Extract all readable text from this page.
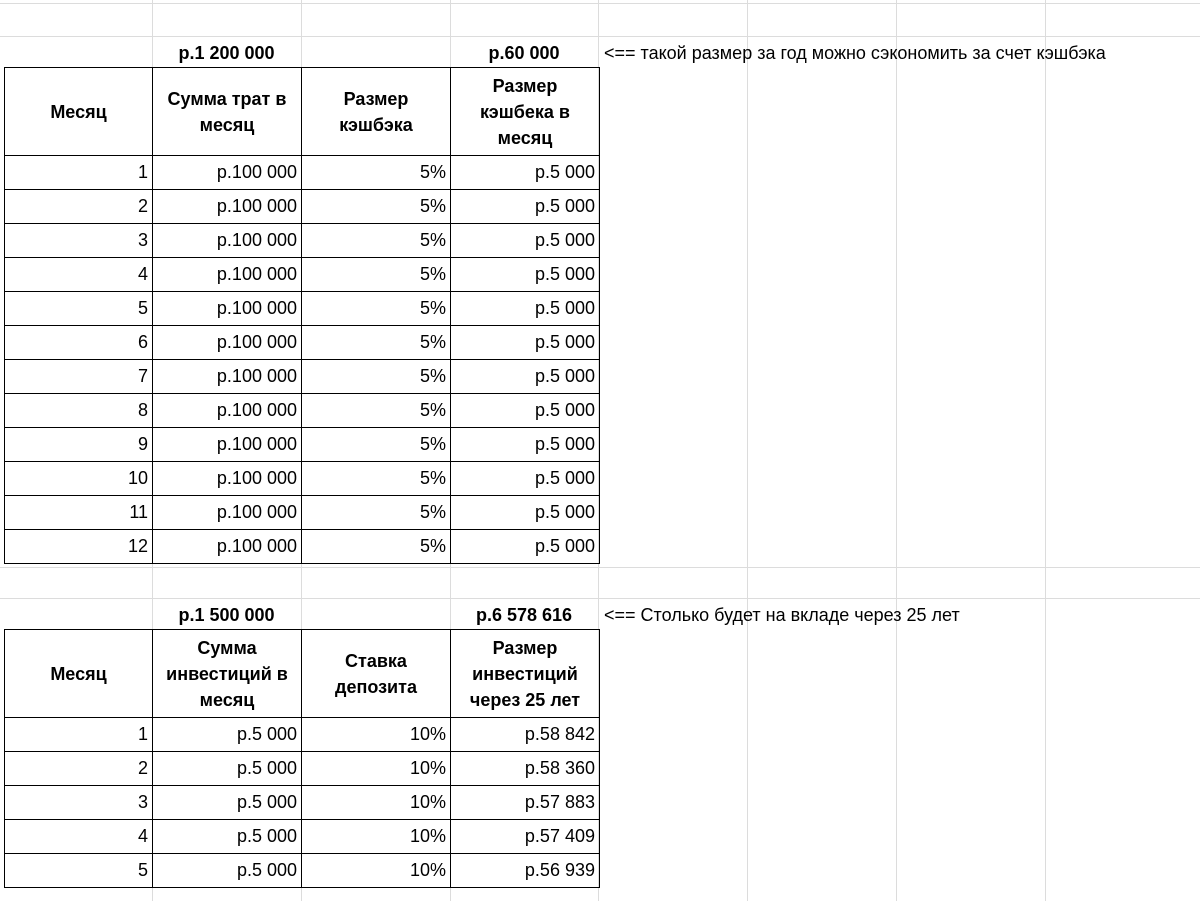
р.1 200 000	р.60 000	<== такой размер за год можно сэкономить за счет кэшбэка
Месяц	Сумма трат в месяц	Размер кэшбэка	Размер кэшбека в месяц
1	р.100 000	5%	р.5 000
2	р.100 000	5%	р.5 000
3	р.100 000	5%	р.5 000
4	р.100 000	5%	р.5 000
5	р.100 000	5%	р.5 000
6	р.100 000	5%	р.5 000
7	р.100 000	5%	р.5 000
8	р.100 000	5%	р.5 000
9	р.100 000	5%	р.5 000
10	р.100 000	5%	р.5 000
11	р.100 000	5%	р.5 000
12	р.100 000	5%	р.5 000
р.1 500 000	р.6 578 616	<== Столько будет на вкладе через 25 лет
Месяц	Сумма инвестиций в месяц	Ставка депозита	Размер инвестиций через 25 лет
1	р.5 000	10%	р.58 842
2	р.5 000	10%	р.58 360
3	р.5 000	10%	р.57 883
4	р.5 000	10%	р.57 409
5	р.5 000	10%	р.56 939
